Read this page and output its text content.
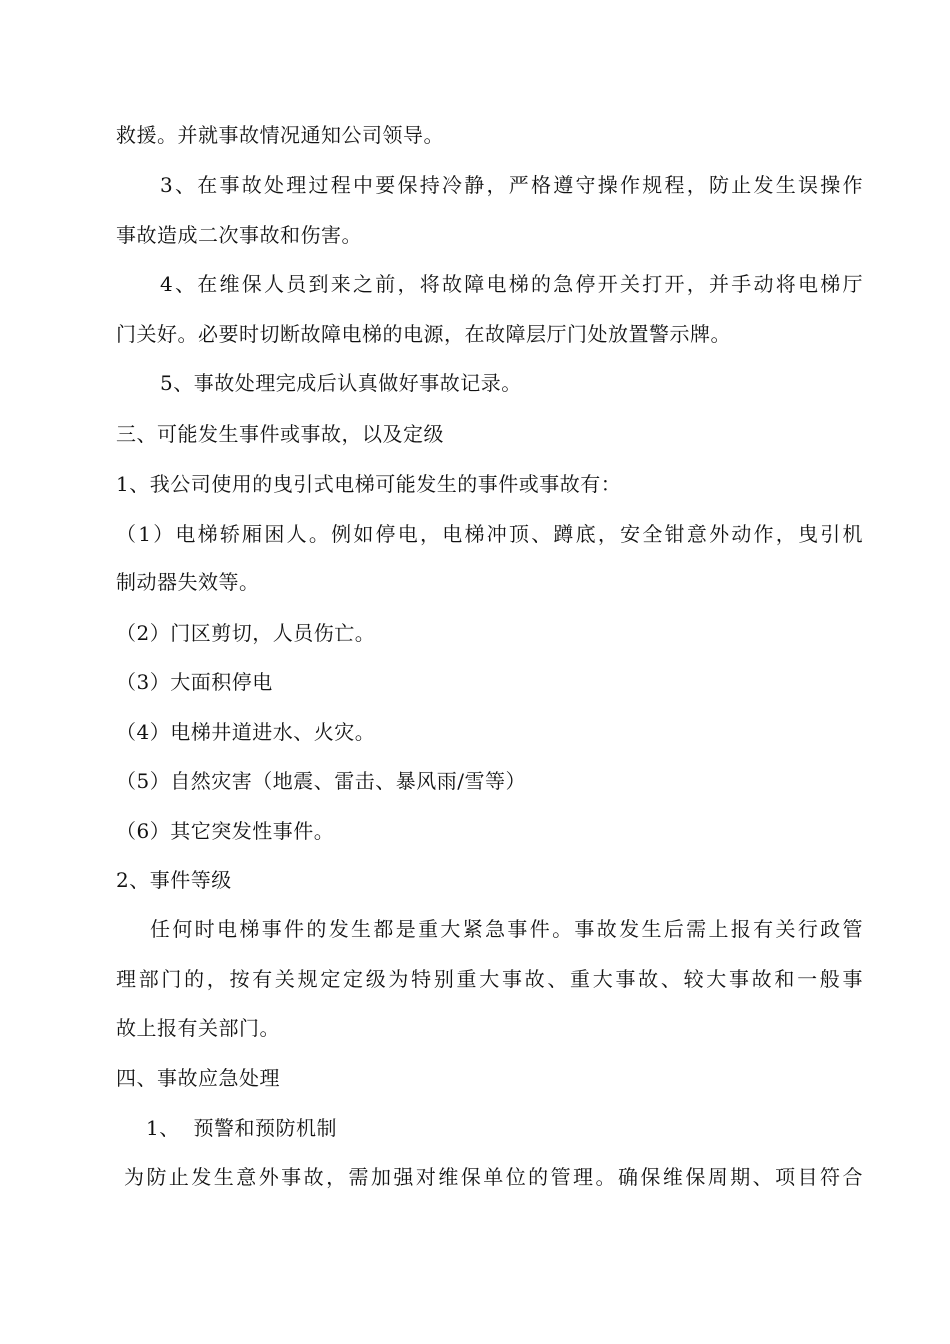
救援。并就事故情况通知公司领导。
3、在事故处理过程中要保持冷静，严格遵守操作规程，防止发生误操作
事故造成二次事故和伤害。
4、在维保人员到来之前，将故障电梯的急停开关打开，并手动将电梯厅
门关好。必要时切断故障电梯的电源，在故障层厅门处放置警示牌。
5、事故处理完成后认真做好事故记录。
三、可能发生事件或事故，以及定级
1、我公司使用的曳引式电梯可能发生的事件或事故有：
（1）电梯轿厢困人。例如停电，电梯冲顶、蹲底，安全钳意外动作，曳引机
制动器失效等。
（2）门区剪切，人员伤亡。
（3）大面积停电
（4）电梯井道进水、火灾。
（5）自然灾害（地震、雷击、暴风雨/雪等）
（6）其它突发性事件。
2、事件等级
任何时电梯事件的发生都是重大紧急事件。事故发生后需上报有关行政管
理部门的，按有关规定定级为特别重大事故、重大事故、较大事故和一般事
故上报有关部门。
四、事故应急处理
1、  预警和预防机制
为防止发生意外事故，需加强对维保单位的管理。确保维保周期、项目符合
